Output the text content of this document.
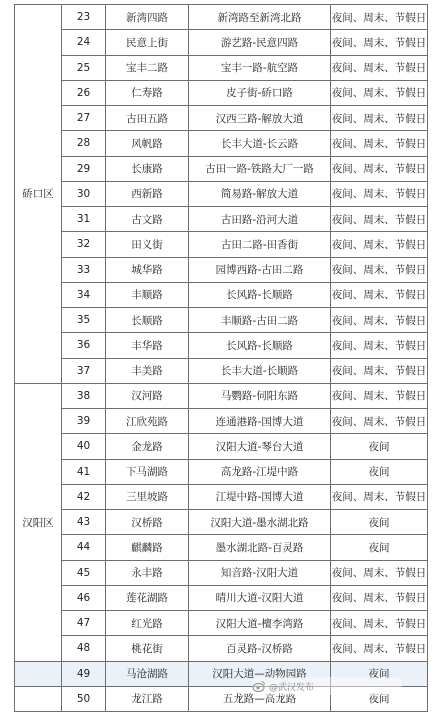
硚口区	23	新湾四路	新湾路至新湾北路	夜间、周末、节假日
	24	民意上街	游艺路-民意四路	夜间、周末、节假日
	25	宝丰二路	宝丰一路-航空路	夜间、周末、节假日
	26	仁寿路	皮子街-硚口路	夜间、周末、节假日
	27	古田五路	汉西三路-解放大道	夜间、周末、节假日
	28	风帆路	长丰大道-长云路	夜间、周末、节假日
	29	长康路	古田一路-铁路大厂一路	夜间、周末、节假日
	30	西新路	简易路-解放大道	夜间、周末、节假日
	31	古文路	古田路-沿河大道	夜间、周末、节假日
	32	田义街	古田二路-田香街	夜间、周末、节假日
	33	城华路	园博西路-古田二路	夜间、周末、节假日
	34	丰顺路	长风路-长顺路	夜间、周末、节假日
	35	长顺路	丰顺路-古田二路	夜间、周末、节假日
	36	丰华路	长风路-长顺路	夜间、周末、节假日
	37	丰美路	长丰大道-长顺路	夜间、周末、节假日
汉阳区	38	汉河路	马鹦路-伺阳东路	夜间、周末、节假日
	39	江欣苑路	连通港路-国博大道	夜间、周末、节假日
	40	金龙路	汉阳大道-琴台大道	夜间
	41	下马湖路	高龙路-江堤中路	夜间
	42	三里坡路	江堤中路-国博大道	夜间、周末、节假日
	43	汉桥路	汉阳大道-墨水湖北路	夜间
	44	麒麟路	墨水湖北路-百灵路	夜间
	45	永丰路	知音路-汉阳大道	夜间、周末、节假日
	46	莲花湖路	晴川大道-汉阳大道	夜间、周末、节假日
	47	红光路	汉阳大道-檀李湾路	夜间、周末、节假日
	48	桃花街	百灵路-汉桥路	夜间、周末、节假日
	49	马沧湖路	汉阳大道—动物园路	夜间
	50	龙江路	五龙路—高龙路	夜间
@武汉发布
